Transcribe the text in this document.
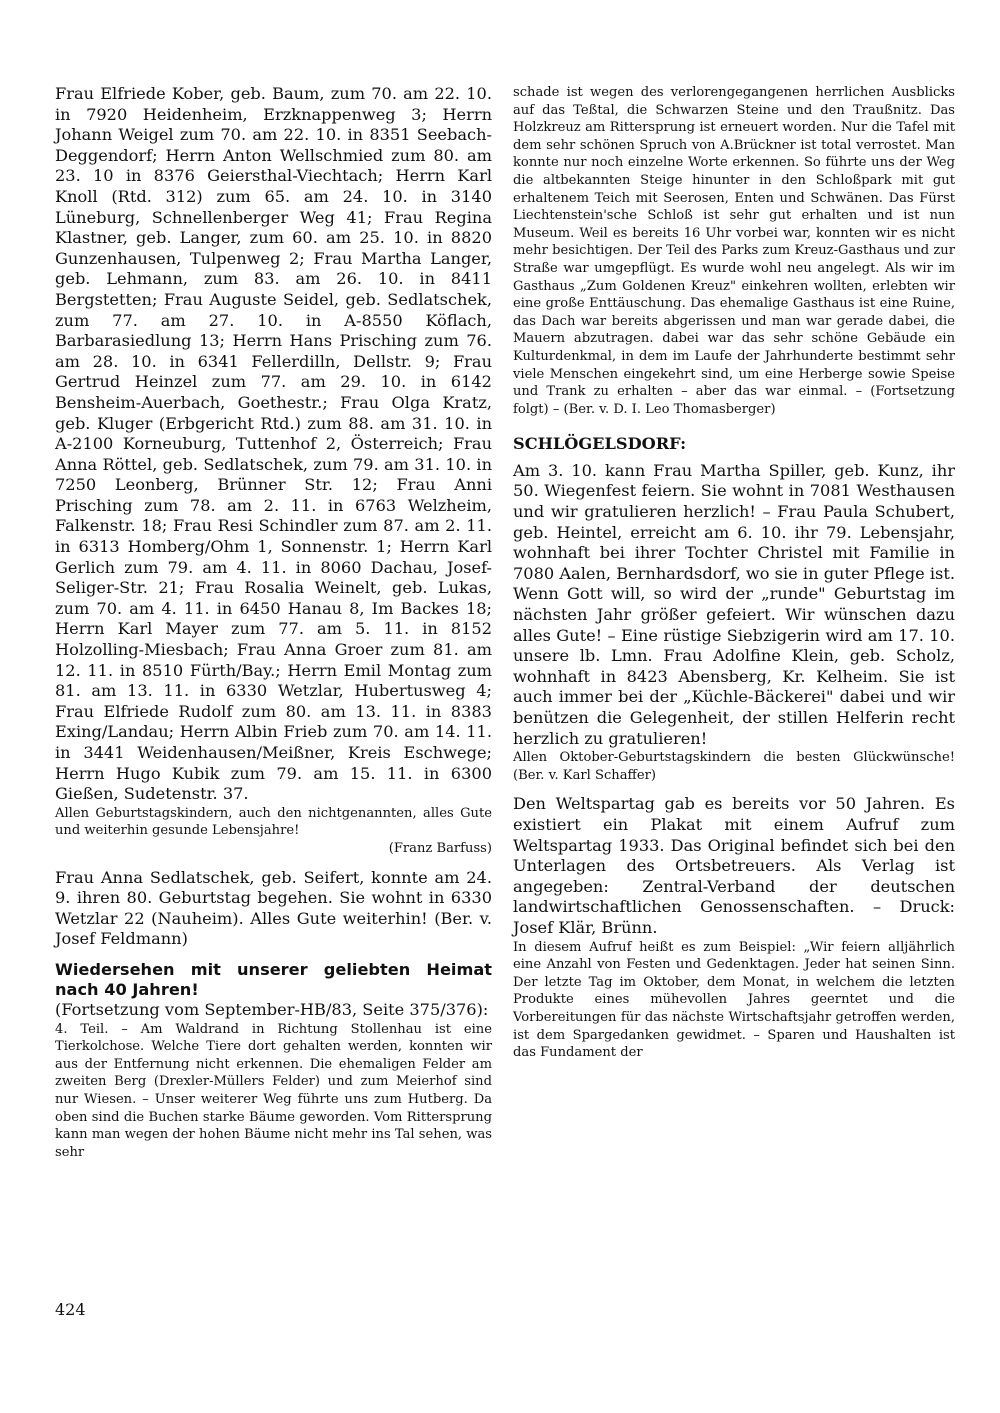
Frau Elfriede Kober, geb. Baum, zum 70. am 22. 10. in 7920 Heidenheim, Erzknappenweg 3; Herrn Johann Weigel zum 70. am 22. 10. in 8351 Seebach-Deggendorf; Herrn Anton Wellschmied zum 80. am 23. 10 in 8376 Geiersthal-Viechtach; Herrn Karl Knoll (Rtd. 312) zum 65. am 24. 10. in 3140 Lüneburg, Schnellenberger Weg 41; Frau Regina Klastner, geb. Langer, zum 60. am 25. 10. in 8820 Gunzenhausen, Tulpenweg 2; Frau Martha Langer, geb. Lehmann, zum 83. am 26. 10. in 8411 Bergstetten; Frau Auguste Seidel, geb. Sedlatschek, zum 77. am 27. 10. in A-8550 Köflach, Barbarasiedlung 13; Herrn Hans Prisching zum 76. am 28. 10. in 6341 Fellerdilln, Dellstr. 9; Frau Gertrud Heinzel zum 77. am 29. 10. in 6142 Bensheim-Auerbach, Goethestr.; Frau Olga Kratz, geb. Kluger (Erbgericht Rtd.) zum 88. am 31. 10. in A-2100 Korneuburg, Tuttenhof 2, Österreich; Frau Anna Röttel, geb. Sedlatschek, zum 79. am 31. 10. in 7250 Leonberg, Brünner Str. 12; Frau Anni Prisching zum 78. am 2. 11. in 6763 Welzheim, Falkenstr. 18; Frau Resi Schindler zum 87. am 2. 11. in 6313 Homberg/Ohm 1, Sonnenstr. 1; Herrn Karl Gerlich zum 79. am 4. 11. in 8060 Dachau, Josef-Seliger-Str. 21; Frau Rosalia Weinelt, geb. Lukas, zum 70. am 4. 11. in 6450 Hanau 8, Im Backes 18; Herrn Karl Mayer zum 77. am 5. 11. in 8152 Holzolling-Miesbach; Frau Anna Groer zum 81. am 12. 11. in 8510 Fürth/Bay.; Herrn Emil Montag zum 81. am 13. 11. in 6330 Wetzlar, Hubertusweg 4; Frau Elfriede Rudolf zum 80. am 13. 11. in 8383 Exing/Landau; Herrn Albin Frieb zum 70. am 14. 11. in 3441 Weidenhausen/Meißner, Kreis Eschwege; Herrn Hugo Kubik zum 79. am 15. 11. in 6300 Gießen, Sudetenstr. 37.

Allen Geburtstagskindern, auch den nichtgenannten, alles Gute und weiterhin gesunde Lebensjahre!

(Franz Barfuss)

Frau Anna Sedlatschek, geb. Seifert, konnte am 24. 9. ihren 80. Geburtstag begehen. Sie wohnt in 6330 Wetzlar 22 (Nauheim). Alles Gute weiterhin! (Ber. v. Josef Feldmann)

Wiedersehen mit unserer geliebten Heimat nach 40 Jahren!

(Fortsetzung vom September-HB/83, Seite 375/376):

4. Teil. – Am Waldrand in Richtung Stollenhau ist eine Tierkolchose. Welche Tiere dort gehalten werden, konnten wir aus der Entfernung nicht erkennen. Die ehemaligen Felder am zweiten Berg (Drexler-Müllers Felder) und zum Meierhof sind nur Wiesen. – Unser weiterer Weg führte uns zum Hutberg. Da oben sind die Buchen starke Bäume geworden. Vom Rittersprung kann man wegen der hohen Bäume nicht mehr ins Tal sehen, was sehr

schade ist wegen des verlorengegangenen herrlichen Ausblicks auf das Teßtal, die Schwarzen Steine und den Traußnitz. Das Holzkreuz am Rittersprung ist erneuert worden. Nur die Tafel mit dem sehr schönen Spruch von A.Brückner ist total verrostet. Man konnte nur noch einzelne Worte erkennen. So führte uns der Weg die altbekannten Steige hinunter in den Schloßpark mit gut erhaltenem Teich mit Seerosen, Enten und Schwänen. Das Fürst Liechtenstein'sche Schloß ist sehr gut erhalten und ist nun Museum. Weil es bereits 16 Uhr vorbei war, konnten wir es nicht mehr besichtigen. Der Teil des Parks zum Kreuz-Gasthaus und zur Straße war umgepflügt. Es wurde wohl neu angelegt. Als wir im Gasthaus „Zum Goldenen Kreuz" einkehren wollten, erlebten wir eine große Enttäuschung. Das ehemalige Gasthaus ist eine Ruine, das Dach war bereits abgerissen und man war gerade dabei, die Mauern abzutragen. dabei war das sehr schöne Gebäude ein Kulturdenkmal, in dem im Laufe der Jahrhunderte bestimmt sehr viele Menschen eingekehrt sind, um eine Herberge sowie Speise und Trank zu erhalten – aber das war einmal. – (Fortsetzung folgt) – (Ber. v. D. I. Leo Thomasberger)

SCHLÖGELSDORF:

Am 3. 10. kann Frau Martha Spiller, geb. Kunz, ihr 50. Wiegenfest feiern. Sie wohnt in 7081 Westhausen und wir gratulieren herzlich! – Frau Paula Schubert, geb. Heintel, erreicht am 6. 10. ihr 79. Lebensjahr, wohnhaft bei ihrer Tochter Christel mit Familie in 7080 Aalen, Bernhardsdorf, wo sie in guter Pflege ist. Wenn Gott will, so wird der „runde" Geburtstag im nächsten Jahr größer gefeiert. Wir wünschen dazu alles Gute! – Eine rüstige Siebzigerin wird am 17. 10. unsere lb. Lmn. Frau Adolfine Klein, geb. Scholz, wohnhaft in 8423 Abensberg, Kr. Kelheim. Sie ist auch immer bei der „Küchle-Bäckerei" dabei und wir benützen die Gelegenheit, der stillen Helferin recht herzlich zu gratulieren!

Allen Oktober-Geburtstagskindern die besten Glückwünsche! (Ber. v. Karl Schaffer)

Den Weltspartag gab es bereits vor 50 Jahren. Es existiert ein Plakat mit einem Aufruf zum Weltspartag 1933. Das Original befindet sich bei den Unterlagen des Ortsbetreuers. Als Verlag ist angegeben: Zentral-Verband der deutschen landwirtschaftlichen Genossenschaften. – Druck: Josef Klär, Brünn.

In diesem Aufruf heißt es zum Beispiel: „Wir feiern alljährlich eine Anzahl von Festen und Gedenktagen. Jeder hat seinen Sinn. Der letzte Tag im Oktober, dem Monat, in welchem die letzten Produkte eines mühevollen Jahres geerntet und die Vorbereitungen für das nächste Wirtschaftsjahr getroffen werden, ist dem Spargedanken gewidmet. – Sparen und Haushalten ist das Fundament der

424
